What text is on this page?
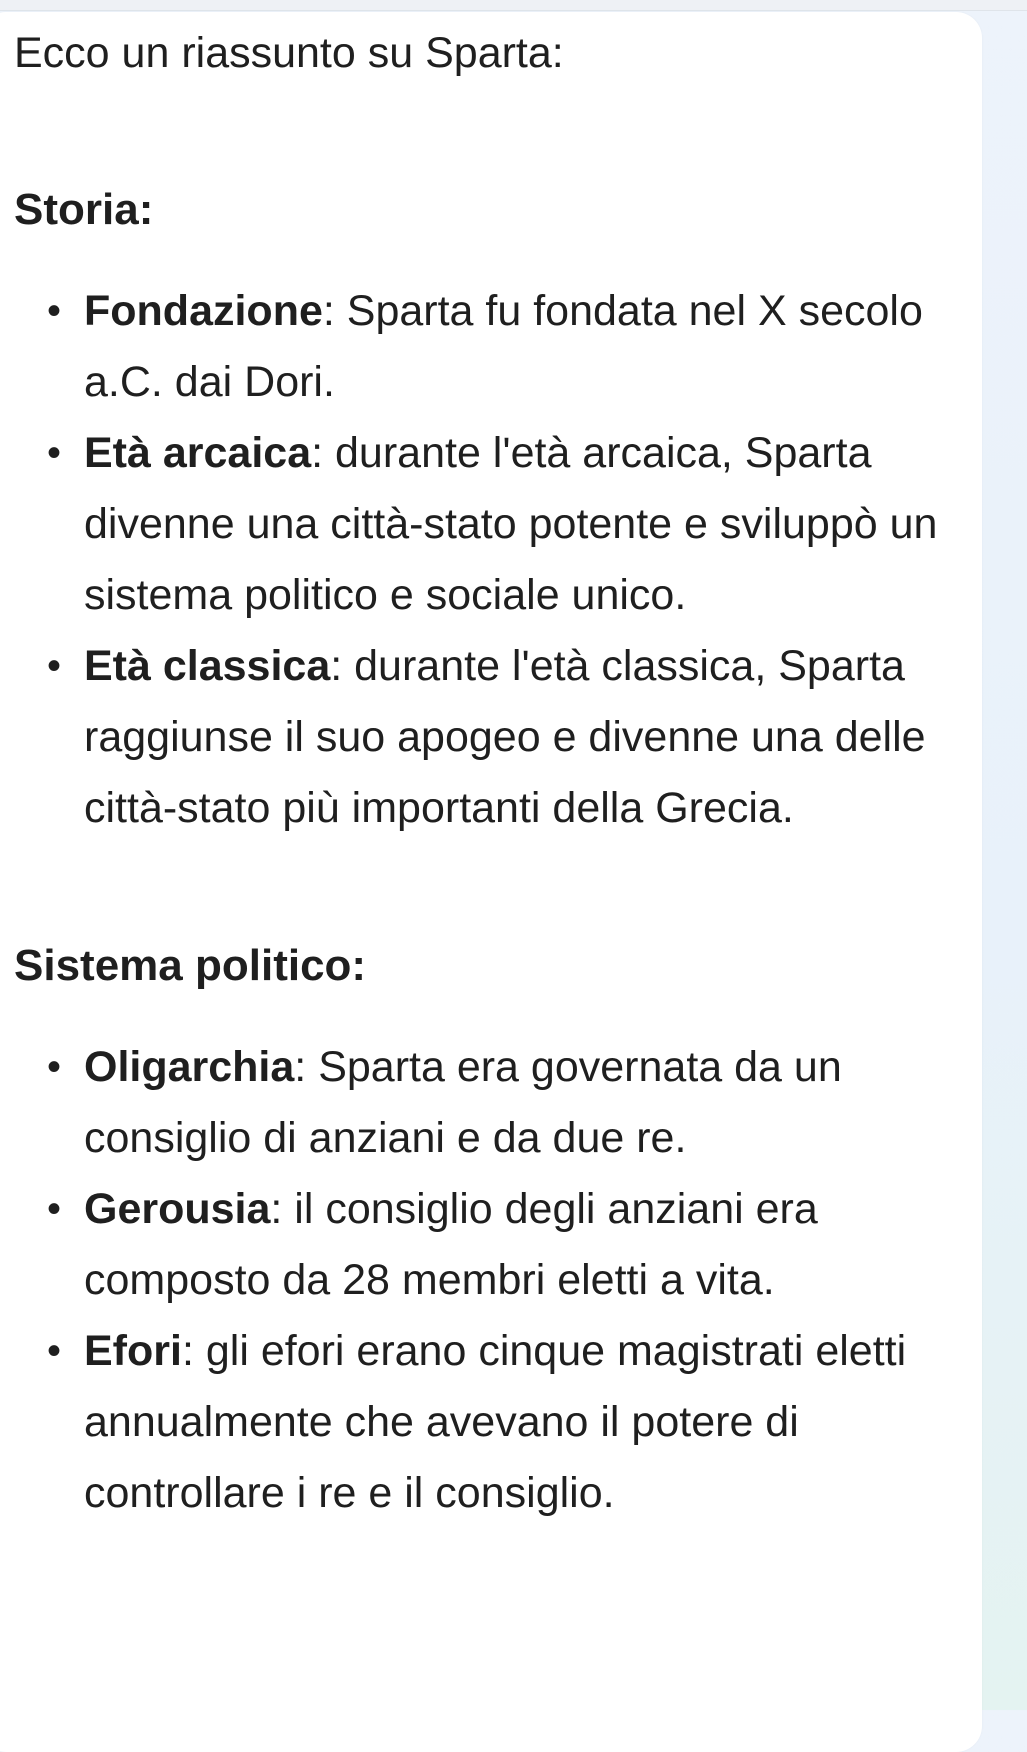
Ecco un riassunto su Sparta:

Storia:

• Fondazione: Sparta fu fondata nel X secolo a.C. dai Dori.
• Età arcaica: durante l'età arcaica, Sparta divenne una città-stato potente e sviluppò un sistema politico e sociale unico.
• Età classica: durante l'età classica, Sparta raggiunse il suo apogeo e divenne una delle città-stato più importanti della Grecia.

Sistema politico:

• Oligarchia: Sparta era governata da un consiglio di anziani e da due re.
• Gerousia: il consiglio degli anziani era composto da 28 membri eletti a vita.
• Efori: gli efori erano cinque magistrati eletti annualmente che avevano il potere di controllare i re e il consiglio.
